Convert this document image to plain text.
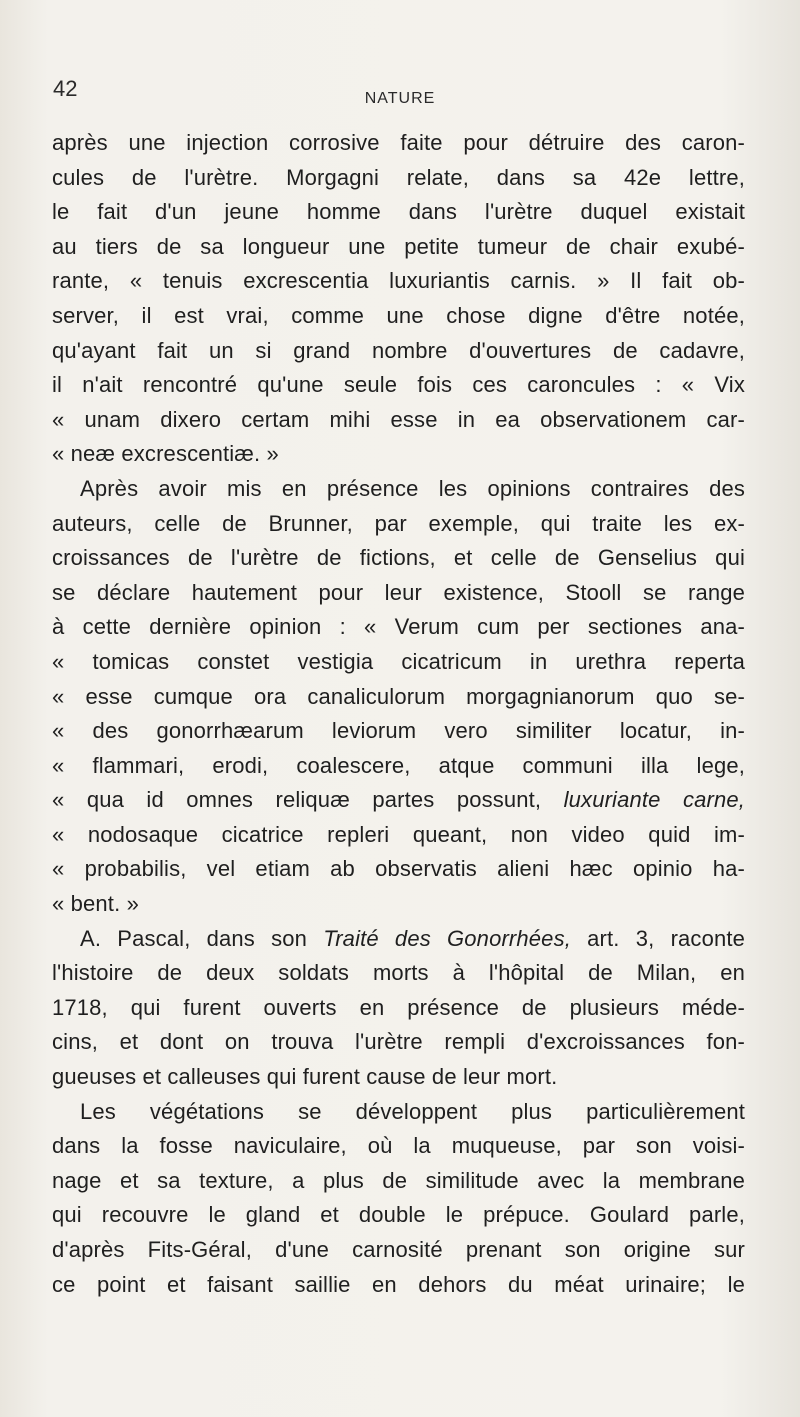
42	NATURE
après une injection corrosive faite pour détruire des caron-
cules de l'urètre. Morgagni relate, dans sa 42e lettre,
le fait d'un jeune homme dans l'urètre duquel existait
au tiers de sa longueur une petite tumeur de chair exubé-
rante, « tenuis excrescentia luxuriantis carnis. » Il fait ob-
server, il est vrai, comme une chose digne d'être notée,
qu'ayant fait un si grand nombre d'ouvertures de cadavre,
il n'ait rencontré qu'une seule fois ces caroncules : « Vix
« unam dixero certam mihi esse in ea observationem car-
« neæ excrescentiæ. »
Après avoir mis en présence les opinions contraires des
auteurs, celle de Brunner, par exemple, qui traite les ex-
croissances de l'urètre de fictions, et celle de Genselius qui
se déclare hautement pour leur existence, Stooll se range
à cette dernière opinion : « Verum cum per sectiones ana-
« tomicas constet vestigia cicatricum in urethra reperta
« esse cumque ora canaliculorum morgagnianorum quo se-
« des gonorrhæarum leviorum vero similiter locatur, in-
« flammari, erodi, coalescere, atque communi illa lege,
« qua id omnes reliquæ partes possunt, luxuriante carne,
« nodosaque cicatrice repleri queant, non video quid im-
« probabilis, vel etiam ab observatis alieni hæc opinio ha-
« bent. »
A. Pascal, dans son Traité des Gonorrhées, art. 3, raconte
l'histoire de deux soldats morts à l'hôpital de Milan, en
1718, qui furent ouverts en présence de plusieurs méde-
cins, et dont on trouva l'urètre rempli d'excroissances fon-
gueuses et calleuses qui furent cause de leur mort.
Les végétations se développent plus particulièrement
dans la fosse naviculaire, où la muqueuse, par son voisi-
nage et sa texture, a plus de similitude avec la membrane
qui recouvre le gland et double le prépuce. Goulard parle,
d'après Fits-Géral, d'une carnosité prenant son origine sur
ce point et faisant saillie en dehors du méat urinaire; le
